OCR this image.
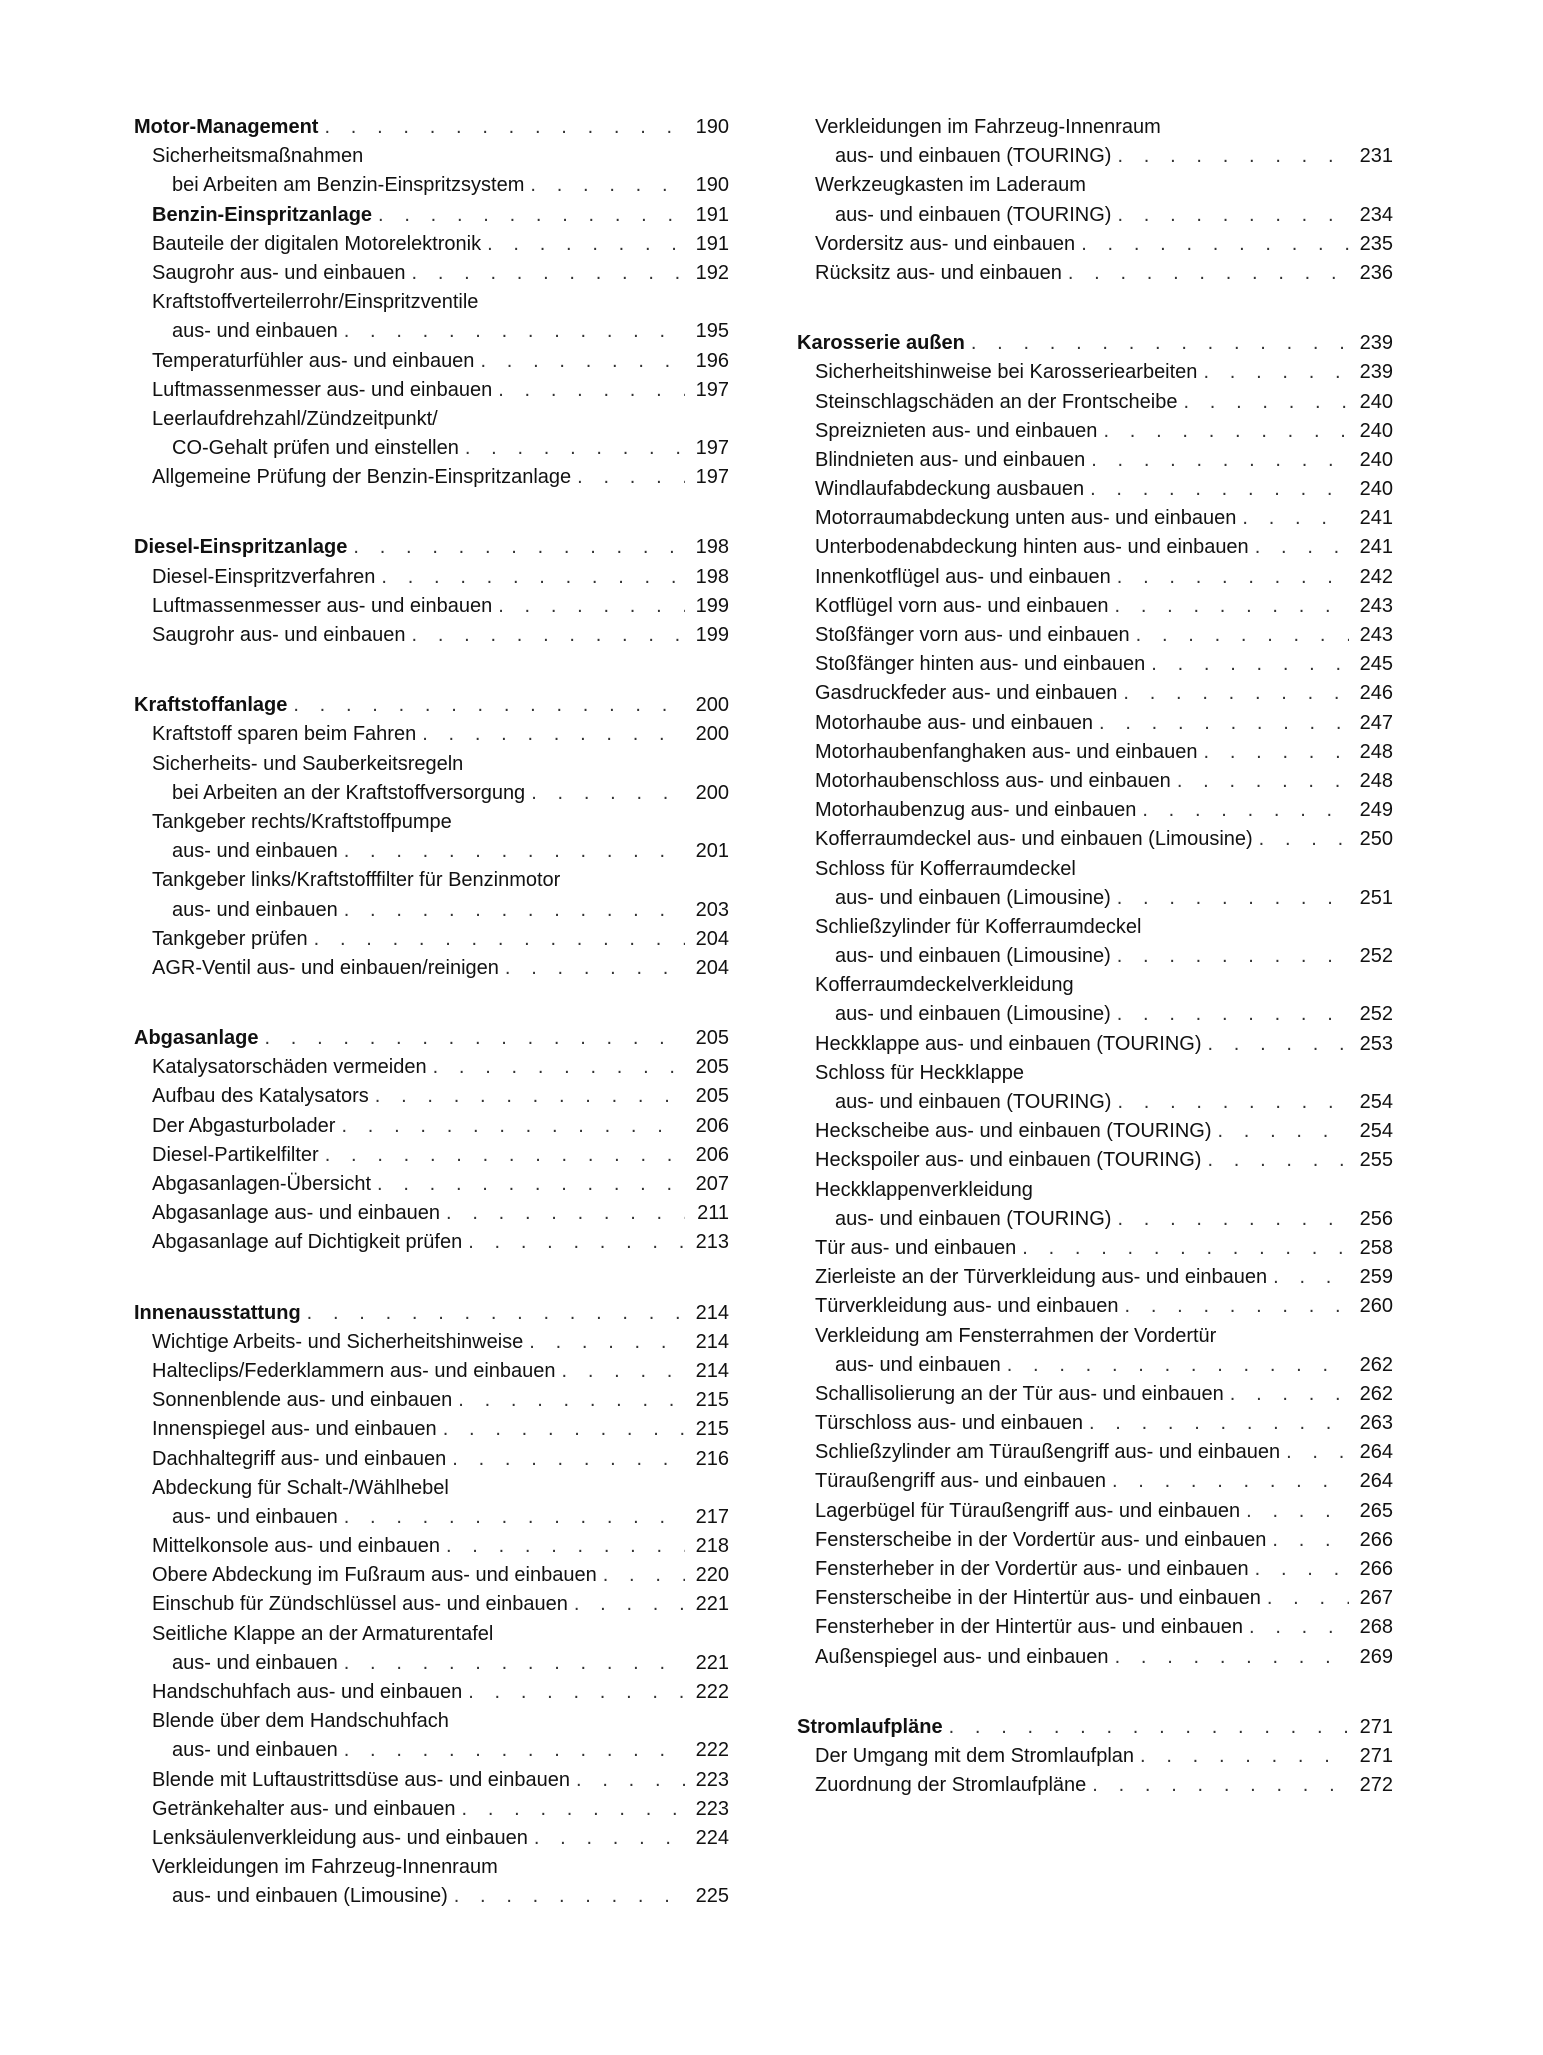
Motor-Management . . .	190
Sicherheitsmaßnahmen
bei Arbeiten am Benzin-Einspritzsystem . . .	190
Benzin-Einspritzanlage . . .	191
Bauteile der digitalen Motorelektronik . . .	191
Saugrohr aus- und einbauen . . .	192
Kraftstoffverteilerrohr/Einspritzventile
aus- und einbauen . . .	195
Temperaturfühler aus- und einbauen . . .	196
Luftmassenmesser aus- und einbauen . . .	197
Leerlaufdrehzahl/Zündzeitpunkt/
CO-Gehalt prüfen und einstellen . . .	197
Allgemeine Prüfung der Benzin-Einspritzanlage . . .	197
Diesel-Einspritzanlage . . .	198
Diesel-Einspritzverfahren . . .	198
Luftmassenmesser aus- und einbauen . . .	199
Saugrohr aus- und einbauen . . .	199
Kraftstoffanlage . . .	200
Kraftstoff sparen beim Fahren . . .	200
Sicherheits- und Sauberkeitsregeln
bei Arbeiten an der Kraftstoffversorgung . . .	200
Tankgeber rechts/Kraftstoffpumpe
aus- und einbauen . . .	201
Tankgeber links/Kraftstofffilter für Benzinmotor
aus- und einbauen . . .	203
Tankgeber prüfen . . .	204
AGR-Ventil aus- und einbauen/reinigen . . .	204
Abgasanlage . . .	205
Katalysatorschäden vermeiden . . .	205
Aufbau des Katalysators . . .	205
Der Abgasturbolader . . .	206
Diesel-Partikelfilter . . .	206
Abgasanlagen-Übersicht . . .	207
Abgasanlage aus- und einbauen . . .	211
Abgasanlage auf Dichtigkeit prüfen . . .	213
Innenausstattung . . .	214
Wichtige Arbeits- und Sicherheitshinweise . . .	214
Halteclips/Federklammern aus- und einbauen . . .	214
Sonnenblende aus- und einbauen . . .	215
Innenspiegel aus- und einbauen . . .	215
Dachhaltegriff aus- und einbauen . . .	216
Abdeckung für Schalt-/Wählhebel
aus- und einbauen . . .	217
Mittelkonsole aus- und einbauen . . .	218
Obere Abdeckung im Fußraum aus- und einbauen . . .	220
Einschub für Zündschlüssel aus- und einbauen . . .	221
Seitliche Klappe an der Armaturentafel
aus- und einbauen . . .	221
Handschuhfach aus- und einbauen . . .	222
Blende über dem Handschuhfach
aus- und einbauen . . .	222
Blende mit Luftaustrittsdüse aus- und einbauen . . .	223
Getränkehalter aus- und einbauen . . .	223
Lenksäulenverkleidung aus- und einbauen . . .	224
Verkleidungen im Fahrzeug-Innenraum
aus- und einbauen (Limousine) . . .	225
Verkleidungen im Fahrzeug-Innenraum
aus- und einbauen (TOURING) . . .	231
Werkzeugkasten im Laderaum
aus- und einbauen (TOURING) . . .	234
Vordersitz aus- und einbauen . . .	235
Rücksitz aus- und einbauen . . .	236
Karosserie außen . . .	239
Sicherheitshinweise bei Karosseriearbeiten . . .	239
Steinschlagschäden an der Frontscheibe . . .	240
Spreiznieten aus- und einbauen . . .	240
Blindnieten aus- und einbauen . . .	240
Windlaufabdeckung ausbauen . . .	240
Motorraumabdeckung unten aus- und einbauen . . .	241
Unterbodenabdeckung hinten aus- und einbauen . . .	241
Innenkotflügel aus- und einbauen . . .	242
Kotflügel vorn aus- und einbauen . . .	243
Stoßfänger vorn aus- und einbauen . . .	243
Stoßfänger hinten aus- und einbauen . . .	245
Gasdruckfeder aus- und einbauen . . .	246
Motorhaube aus- und einbauen . . .	247
Motorhaubenfanghaken aus- und einbauen . . .	248
Motorhaubenschloss aus- und einbauen . . .	248
Motorhaubenzug aus- und einbauen . . .	249
Kofferraumdeckel aus- und einbauen (Limousine) . . .	250
Schloss für Kofferraumdeckel
aus- und einbauen (Limousine) . . .	251
Schließzylinder für Kofferraumdeckel
aus- und einbauen (Limousine) . . .	252
Kofferraumdeckelverkleidung
aus- und einbauen (Limousine) . . .	252
Heckklappe aus- und einbauen (TOURING) . . .	253
Schloss für Heckklappe
aus- und einbauen (TOURING) . . .	254
Heckscheibe aus- und einbauen (TOURING) . . .	254
Heckspoiler aus- und einbauen (TOURING) . . .	255
Heckklappenverkleidung
aus- und einbauen (TOURING) . . .	256
Tür aus- und einbauen . . .	258
Zierleiste an der Türverkleidung aus- und einbauen . . .	259
Türverkleidung aus- und einbauen . . .	260
Verkleidung am Fensterrahmen der Vordertür
aus- und einbauen . . .	262
Schallisolierung an der Tür aus- und einbauen . . .	262
Türschloss aus- und einbauen . . .	263
Schließzylinder am Türaußengriff aus- und einbauen . . .	264
Türaußengriff aus- und einbauen . . .	264
Lagerbügel für Türaußengriff aus- und einbauen . . .	265
Fensterscheibe in der Vordertür aus- und einbauen . . .	266
Fensterheber in der Vordertür aus- und einbauen . . .	266
Fensterscheibe in der Hintertür aus- und einbauen . . .	267
Fensterheber in der Hintertür aus- und einbauen . . .	268
Außenspiegel aus- und einbauen . . .	269
Stromlaufpläne . . .	271
Der Umgang mit dem Stromlaufplan . . .	271
Zuordnung der Stromlaufpläne . . .	272
